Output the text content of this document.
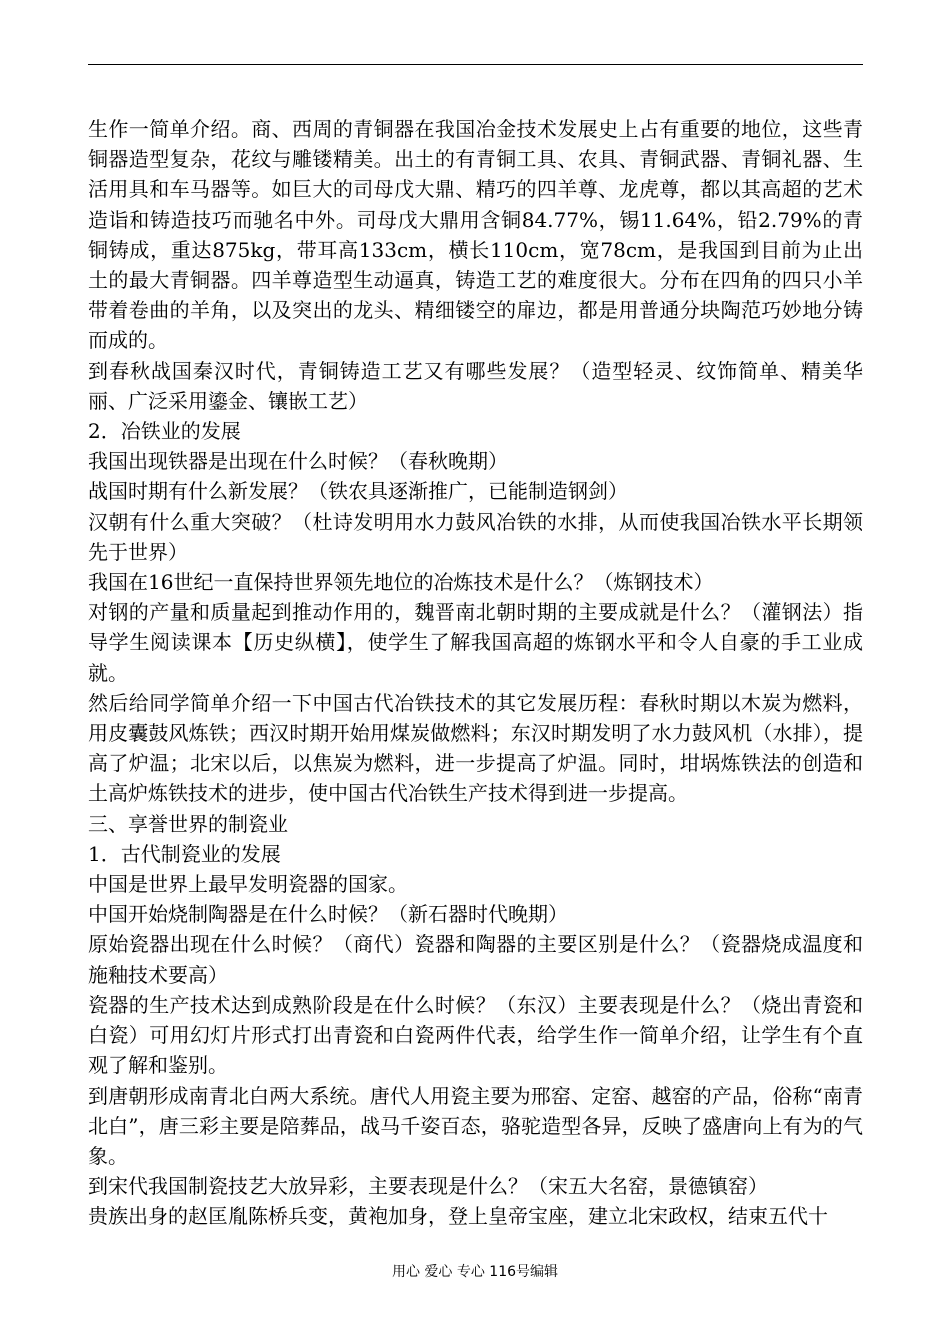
生作一简单介绍。商、西周的青铜器在我国冶金技术发展史上占有重要的地位，这些青铜器造型复杂，花纹与雕镂精美。出土的有青铜工具、农具、青铜武器、青铜礼器、生活用具和车马器等。如巨大的司母戊大鼎、精巧的四羊尊、龙虎尊，都以其高超的艺术造诣和铸造技巧而驰名中外。司母戊大鼎用含铜84.77%，锡11.64%，铅2.79%的青铜铸成，重达875kg，带耳高133cm，横长110cm，宽78cm，是我国到目前为止出土的最大青铜器。四羊尊造型生动逼真，铸造工艺的难度很大。分布在四角的四只小羊带着卷曲的羊角，以及突出的龙头、精细镂空的扉边，都是用普通分块陶范巧妙地分铸而成的。

到春秋战国秦汉时代，青铜铸造工艺又有哪些发展？（造型轻灵、纹饰简单、精美华丽、广泛采用鎏金、镶嵌工艺）

2．冶铁业的发展

我国出现铁器是出现在什么时候？（春秋晚期）

战国时期有什么新发展？（铁农具逐渐推广，已能制造钢剑）

汉朝有什么重大突破？（杜诗发明用水力鼓风冶铁的水排，从而使我国冶铁水平长期领先于世界）

我国在16世纪一直保持世界领先地位的冶炼技术是什么？（炼钢技术）

对钢的产量和质量起到推动作用的，魏晋南北朝时期的主要成就是什么？（灌钢法）指导学生阅读课本【历史纵横】，使学生了解我国高超的炼钢水平和令人自豪的手工业成就。

然后给同学简单介绍一下中国古代冶铁技术的其它发展历程：春秋时期以木炭为燃料，用皮囊鼓风炼铁；西汉时期开始用煤炭做燃料；东汉时期发明了水力鼓风机（水排），提高了炉温；北宋以后，以焦炭为燃料，进一步提高了炉温。同时，坩埚炼铁法的创造和土高炉炼铁技术的进步，使中国古代冶铁生产技术得到进一步提高。

三、享誉世界的制瓷业

1．古代制瓷业的发展

中国是世界上最早发明瓷器的国家。

中国开始烧制陶器是在什么时候？（新石器时代晚期）

原始瓷器出现在什么时候？（商代）瓷器和陶器的主要区别是什么？（瓷器烧成温度和施釉技术要高）

瓷器的生产技术达到成熟阶段是在什么时候？（东汉）主要表现是什么？（烧出青瓷和白瓷）可用幻灯片形式打出青瓷和白瓷两件代表，给学生作一简单介绍，让学生有个直观了解和鉴别。

到唐朝形成南青北白两大系统。唐代人用瓷主要为邢窑、定窑、越窑的产品，俗称“南青北白”，唐三彩主要是陪葬品，战马千姿百态，骆驼造型各异，反映了盛唐向上有为的气象。

到宋代我国制瓷技艺大放异彩，主要表现是什么？（宋五大名窑，景德镇窑）

贵族出身的赵匡胤陈桥兵变，黄袍加身，登上皇帝宝座，建立北宋政权，结束五代十

用心 爱心 专心 116号编辑
